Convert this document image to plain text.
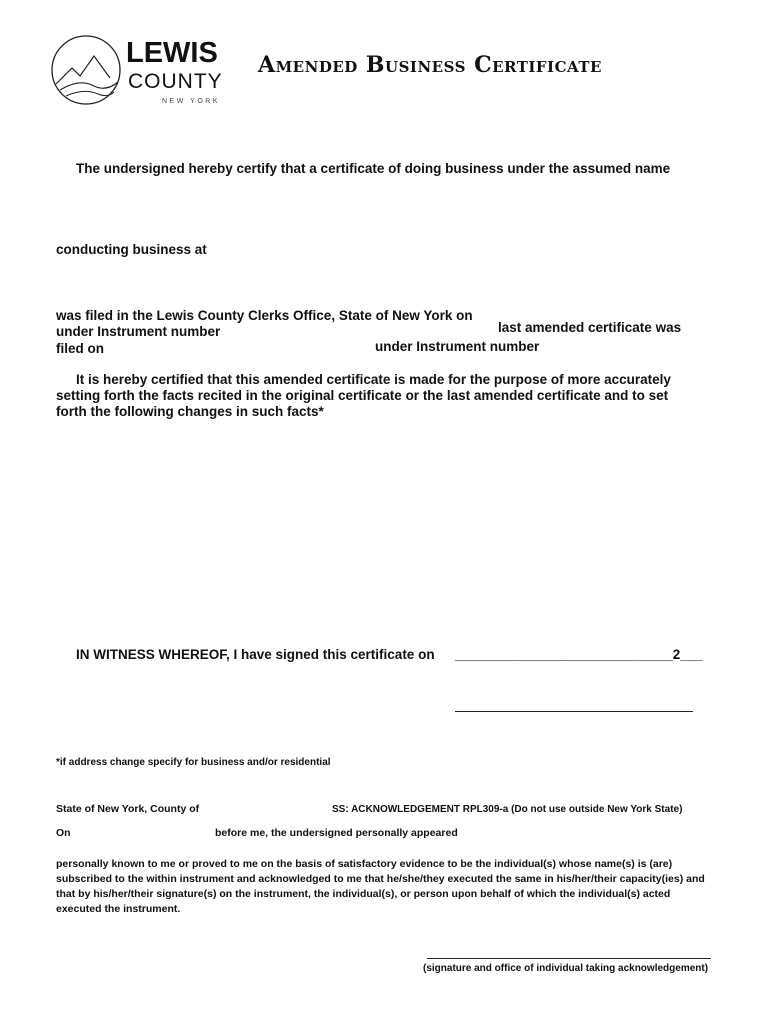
LEWIS
COUNTY
NEW YORK
Amended Business Certificate
The undersigned hereby certify that a certificate of doing business under the assumed name
conducting business at
was filed in the Lewis County Clerks Office, State of New York on
under Instrument number	last amended certificate was
filed on	under Instrument number
It is hereby certified that this amended certificate is made for the purpose of more accurately setting forth the facts recited in the original certificate or the last amended certificate and to set forth the following changes in such facts*
IN WITNESS WHEREOF, I have signed this certificate on _____________________________2___
*if address change specify for business and/or residential
State of New York, County of	SS: ACKNOWLEDGEMENT RPL309-a (Do not use outside New York State)
On	before me, the undersigned personally appeared
personally known to me or proved to me on the basis of satisfactory evidence to be the individual(s) whose name(s) is (are) subscribed to the within instrument and acknowledged to me that he/she/they executed the same in his/her/their capacity(ies) and that by his/her/their signature(s) on the instrument, the individual(s), or person upon behalf of which the individual(s) acted executed the instrument.
(signature and office of individual taking acknowledgement)
